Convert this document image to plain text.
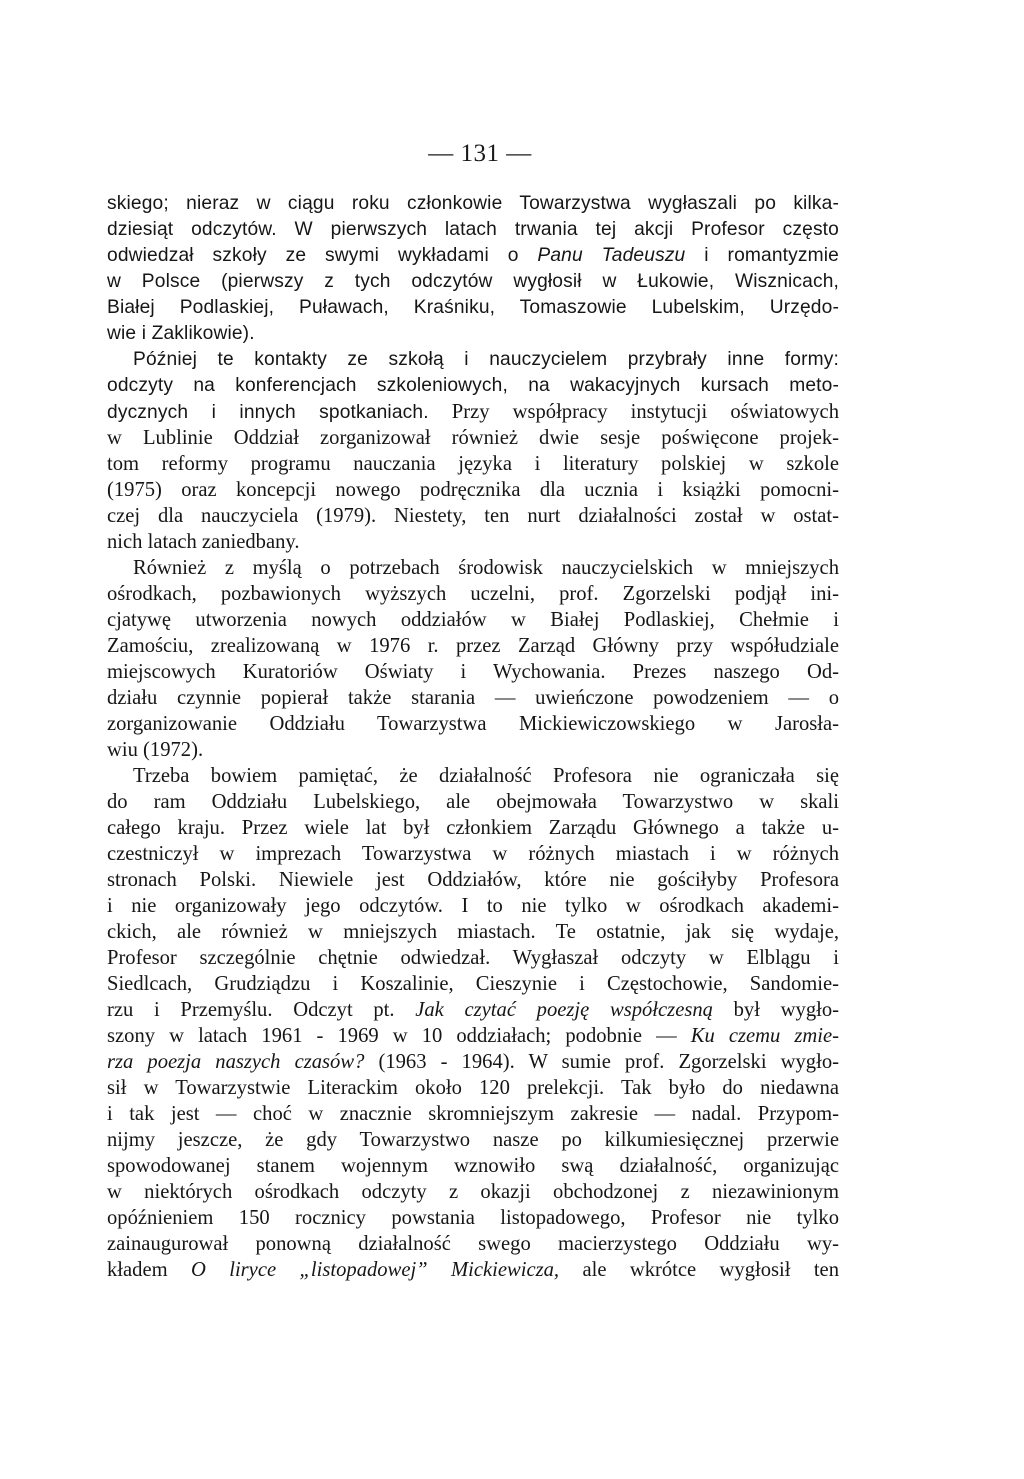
— 131 —
skiego; nieraz w ciągu roku członkowie Towarzystwa wygłaszali po kilka-
dziesiąt odczytów. W pierwszych latach trwania tej akcji Profesor często
odwiedzał szkoły ze swymi wykładami o Panu Tadeuszu i romantyzmie
w Polsce (pierwszy z tych odczytów wygłosił w Łukowie, Wisznicach,
Białej Podlaskiej, Puławach, Kraśniku, Tomaszowie Lubelskim, Urzędo-
wie i Zaklikowie).
Później te kontakty ze szkołą i nauczycielem przybrały inne formy:
odczyty na konferencjach szkoleniowych, na wakacyjnych kursach meto-
dycznych i innych spotkaniach. Przy współpracy instytucji oświatowych
w Lublinie Oddział zorganizował również dwie sesje poświęcone projek-
tom reformy programu nauczania języka i literatury polskiej w szkole
(1975) oraz koncepcji nowego podręcznika dla ucznia i książki pomocni-
czej dla nauczyciela (1979). Niestety, ten nurt działalności został w ostat-
nich latach zaniedbany.
Również z myślą o potrzebach środowisk nauczycielskich w mniejszych
ośrodkach, pozbawionych wyższych uczelni, prof. Zgorzelski podjął ini-
cjatywę utworzenia nowych oddziałów w Białej Podlaskiej, Chełmie i
Zamościu, zrealizowaną w 1976 r. przez Zarząd Główny przy współudziale
miejscowych Kuratoriów Oświaty i Wychowania. Prezes naszego Od-
działu czynnie popierał także starania — uwieńczone powodzeniem — o
zorganizowanie Oddziału Towarzystwa Mickiewiczowskiego w Jarosła-
wiu (1972).
Trzeba bowiem pamiętać, że działalność Profesora nie ograniczała się
do ram Oddziału Lubelskiego, ale obejmowała Towarzystwo w skali
całego kraju. Przez wiele lat był członkiem Zarządu Głównego a także u-
czestniczył w imprezach Towarzystwa w różnych miastach i w różnych
stronach Polski. Niewiele jest Oddziałów, które nie gościłyby Profesora
i nie organizowały jego odczytów. I to nie tylko w ośrodkach akademi-
ckich, ale również w mniejszych miastach. Te ostatnie, jak się wydaje,
Profesor szczególnie chętnie odwiedzał. Wygłaszał odczyty w Elblągu i
Siedlcach, Grudziądzu i Koszalinie, Cieszynie i Częstochowie, Sandomie-
rzu i Przemyślu. Odczyt pt. Jak czytać poezję współczesną był wygło-
szony w latach 1961 - 1969 w 10 oddziałach; podobnie — Ku czemu zmie-
rza poezja naszych czasów? (1963 - 1964). W sumie prof. Zgorzelski wygło-
sił w Towarzystwie Literackim około 120 prelekcji. Tak było do niedawna
i tak jest — choć w znacznie skromniejszym zakresie — nadal. Przypom-
nijmy jeszcze, że gdy Towarzystwo nasze po kilkumiesięcznej przerwie
spowodowanej stanem wojennym wznowiło swą działalność, organizując
w niektórych ośrodkach odczyty z okazji obchodzonej z niezawinionym
opóźnieniem 150 rocznicy powstania listopadowego, Profesor nie tylko
zainaugurował ponowną działalność swego macierzystego Oddziału wy-
kładem O liryce „listopadowej” Mickiewicza, ale wkrótce wygłosił ten
